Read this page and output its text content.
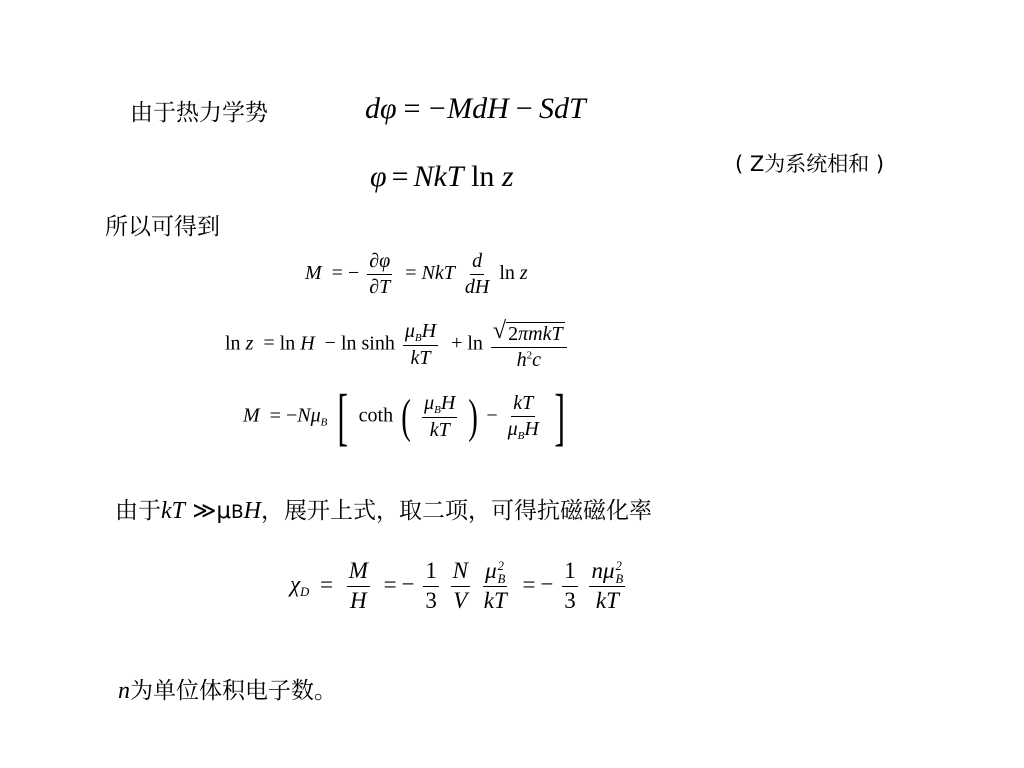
由于热力学势	dφ = −MdH − SdT
( Z为系统相和 )
φ = NkT ln z
所以可得到
M = − $\frac{\partial\varphi}{\partial T}$ = NkT $\frac{d}{dH}$ ln z
$\ln z = \ln H - \ln \sinh \frac{\mu_BH}{kT} + \ln \frac{\text{√ 2πmkT}}{h^2c}$
$M = -N\mu_B$ [ coth ( $\frac{\mu_BH}{kT}$ ) − $\frac{kT}{\mu_BH}$ ]
由于kT ≫μBH，展开上式，取二项，可得抗磁磁化率
$\chi_D = \frac{M}{H}$ = − $\frac{1}{3}$
$\frac{N}{V}$
μ 2
B
kT = − $\frac{1}{3}$
nμ 2
B
kT
n为单位体积电子数。
